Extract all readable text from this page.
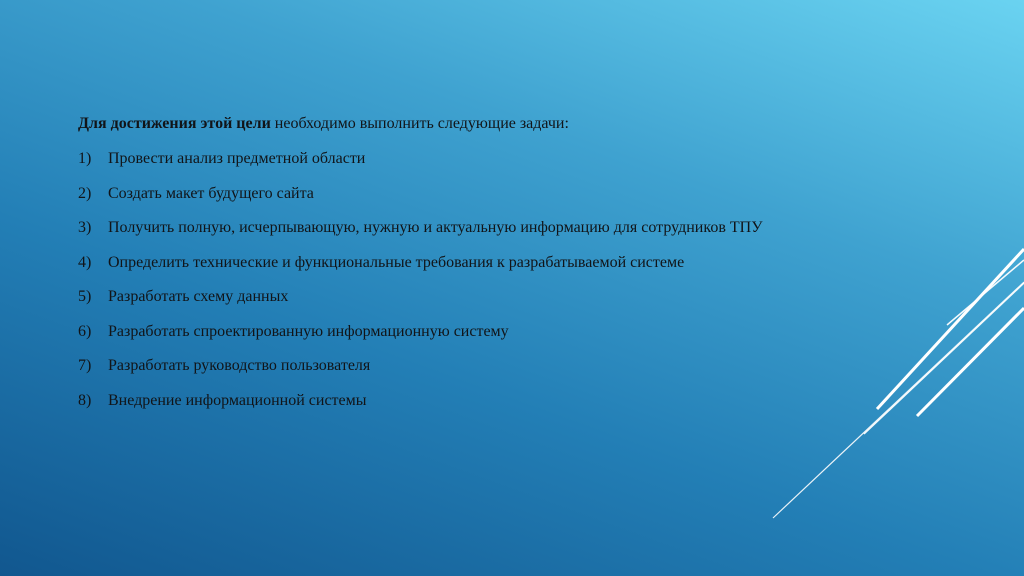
Для достижения этой цели необходимо выполнить следующие задачи:

1)	Провести анализ предметной области
2)	Создать макет будущего сайта
3)	Получить полную, исчерпывающую, нужную и актуальную информацию для сотрудников ТПУ
4)	Определить технические и функциональные требования к разрабатываемой системе
5)	Разработать схему данных
6)	Разработать спроектированную информационную систему
7)	Разработать руководство пользователя
8)	Внедрение информационной системы
